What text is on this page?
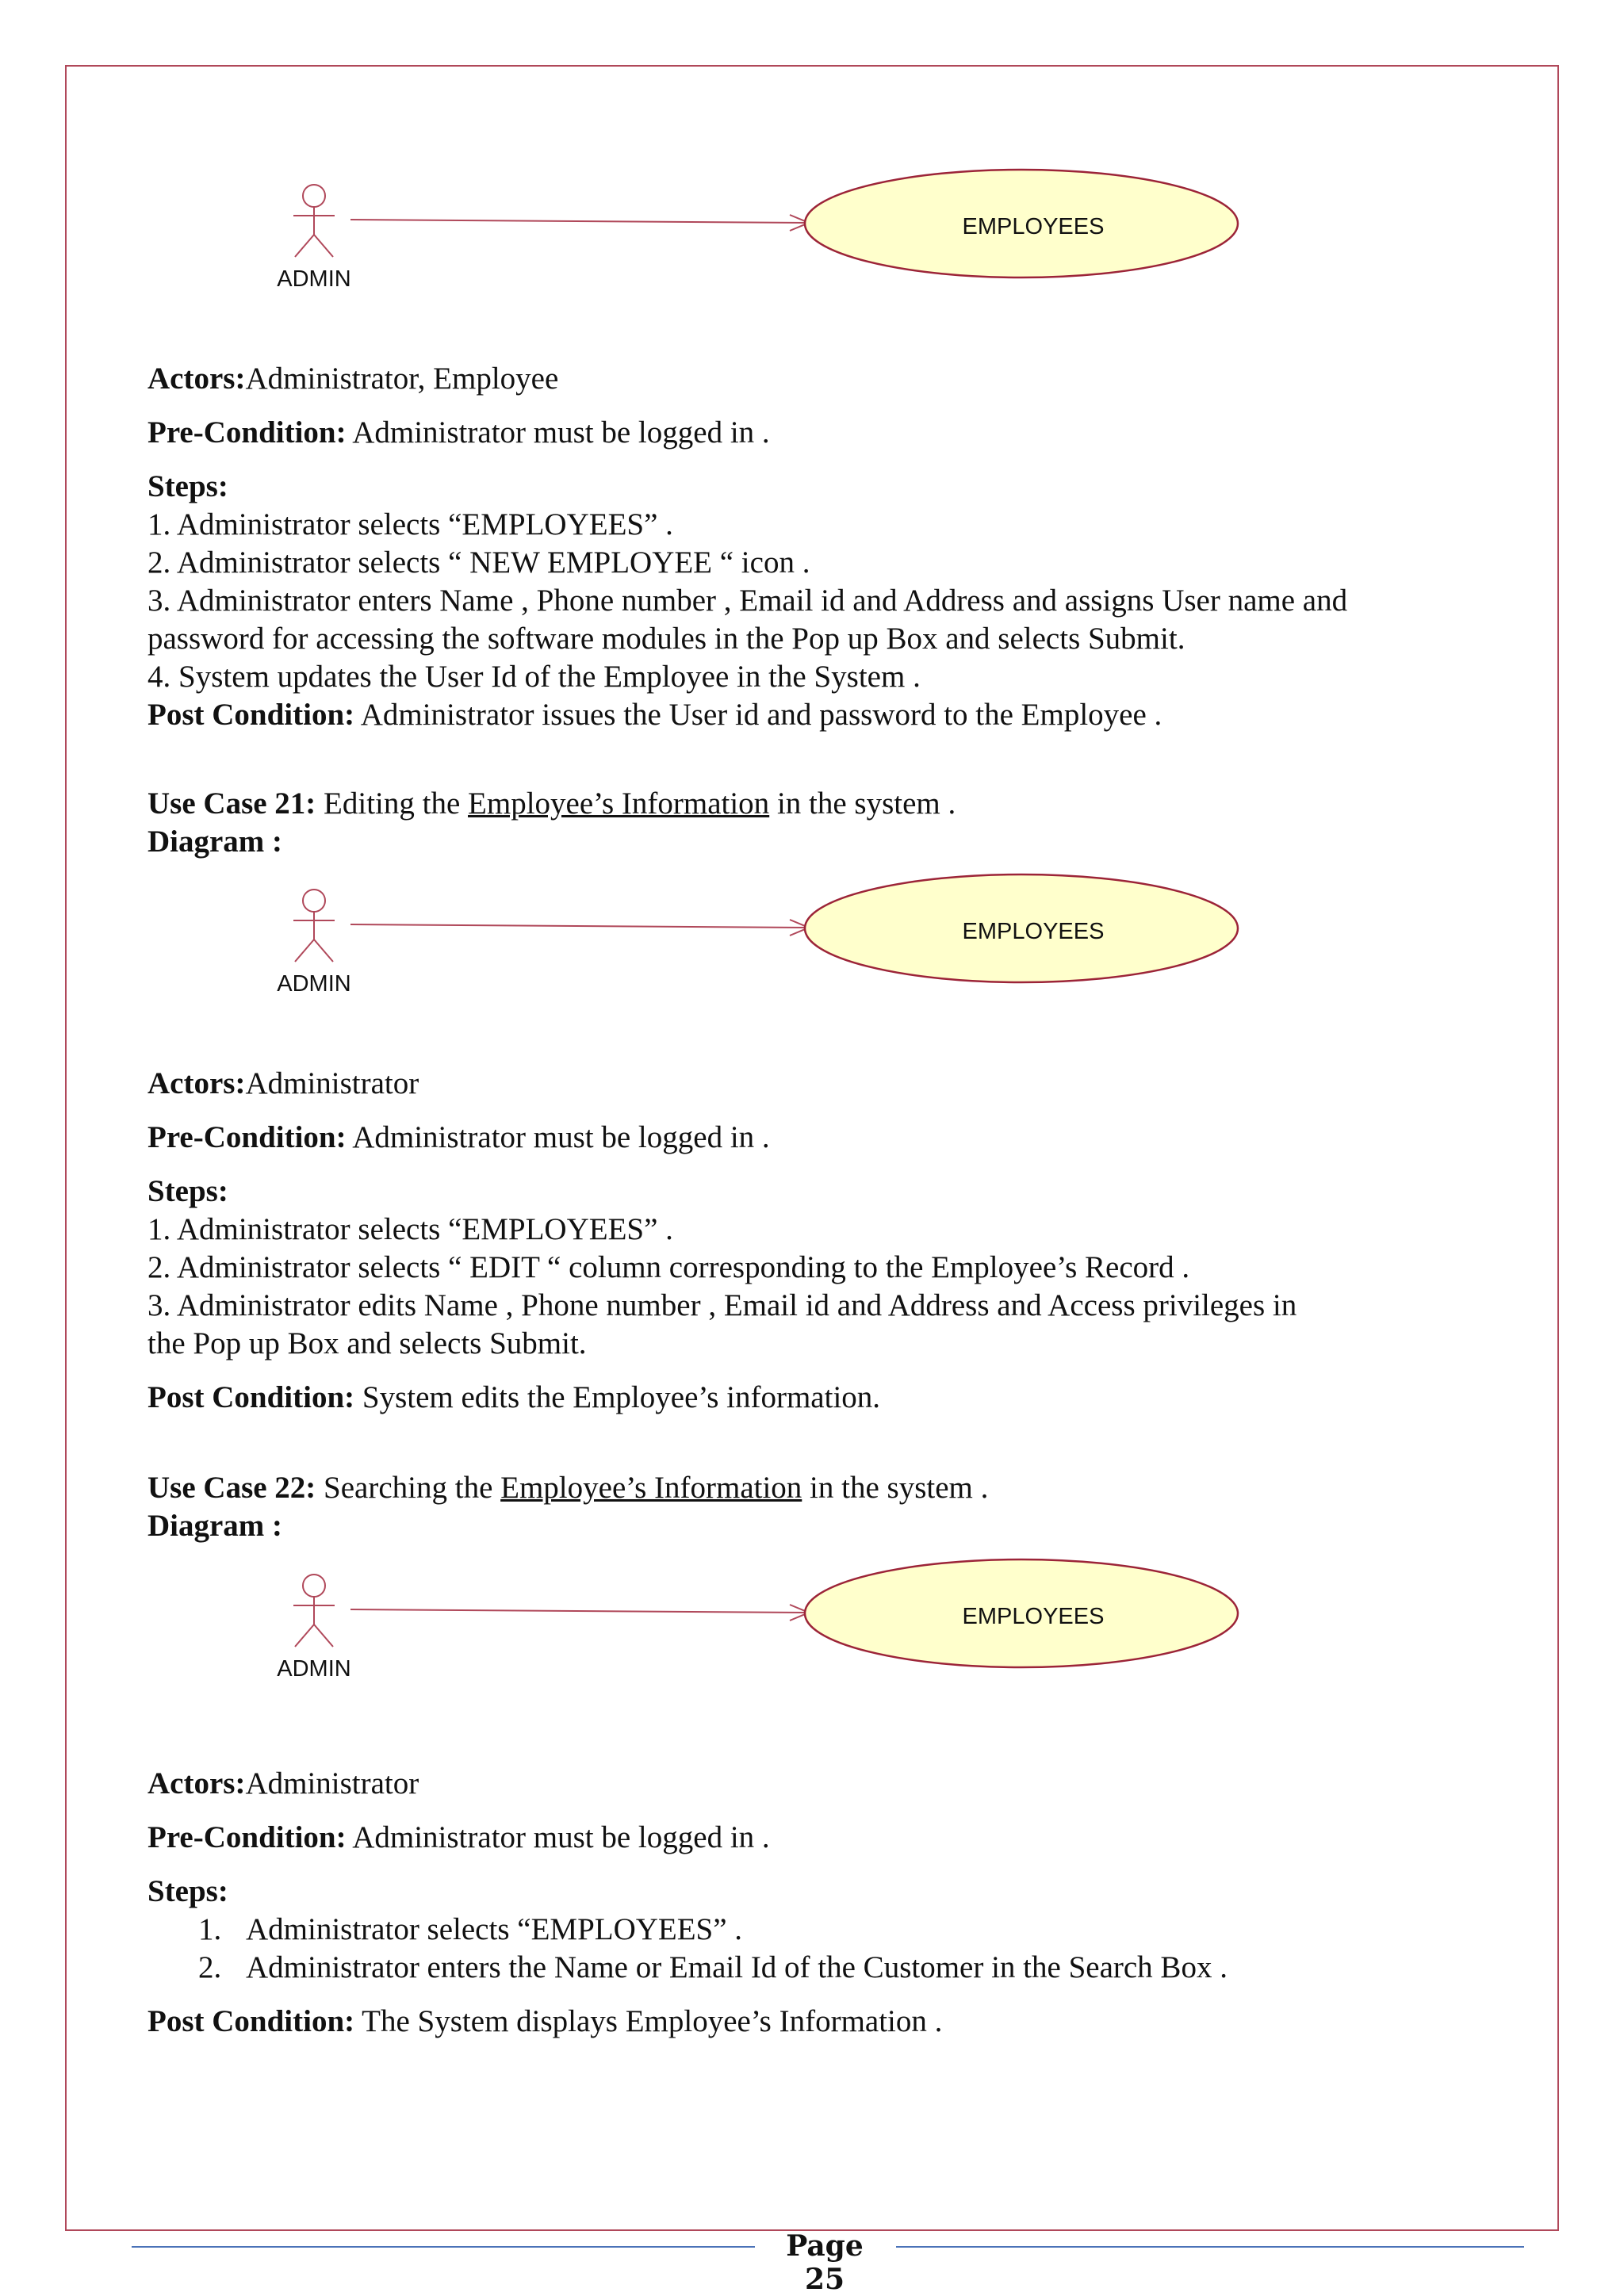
ADMIN
EMPLOYEES

Actors:Administrator, Employee

Pre-Condition: Administrator must be logged in .

Steps:

1. Administrator selects “EMPLOYEES” .

2. Administrator selects “ NEW EMPLOYEE “ icon .

3. Administrator enters Name , Phone number , Email id and Address and assigns User name and

password for accessing the software modules in the Pop up Box and selects Submit.

4. System updates the User Id of the Employee in the System .

Post Condition: Administrator issues the User id and password to the Employee .

Use Case 21: Editing the Employee’s Information in the system .

Diagram :

ADMIN
EMPLOYEES

Actors:Administrator

Pre-Condition: Administrator must be logged in .

Steps:

1. Administrator selects “EMPLOYEES” .

2. Administrator selects “ EDIT “ column corresponding to the Employee’s Record .

3. Administrator edits Name , Phone number , Email id and Address and Access privileges in

the Pop up Box and selects Submit.

Post Condition: System edits the Employee’s information.

Use Case 22: Searching the Employee’s Information in the system .

Diagram :

ADMIN
EMPLOYEES

Actors:Administrator

Pre-Condition: Administrator must be logged in .

Steps:

1. Administrator selects “EMPLOYEES” .

2. Administrator enters the Name or Email Id of the Customer in the Search Box .

Post Condition: The System displays Employee’s Information .

Page 25
